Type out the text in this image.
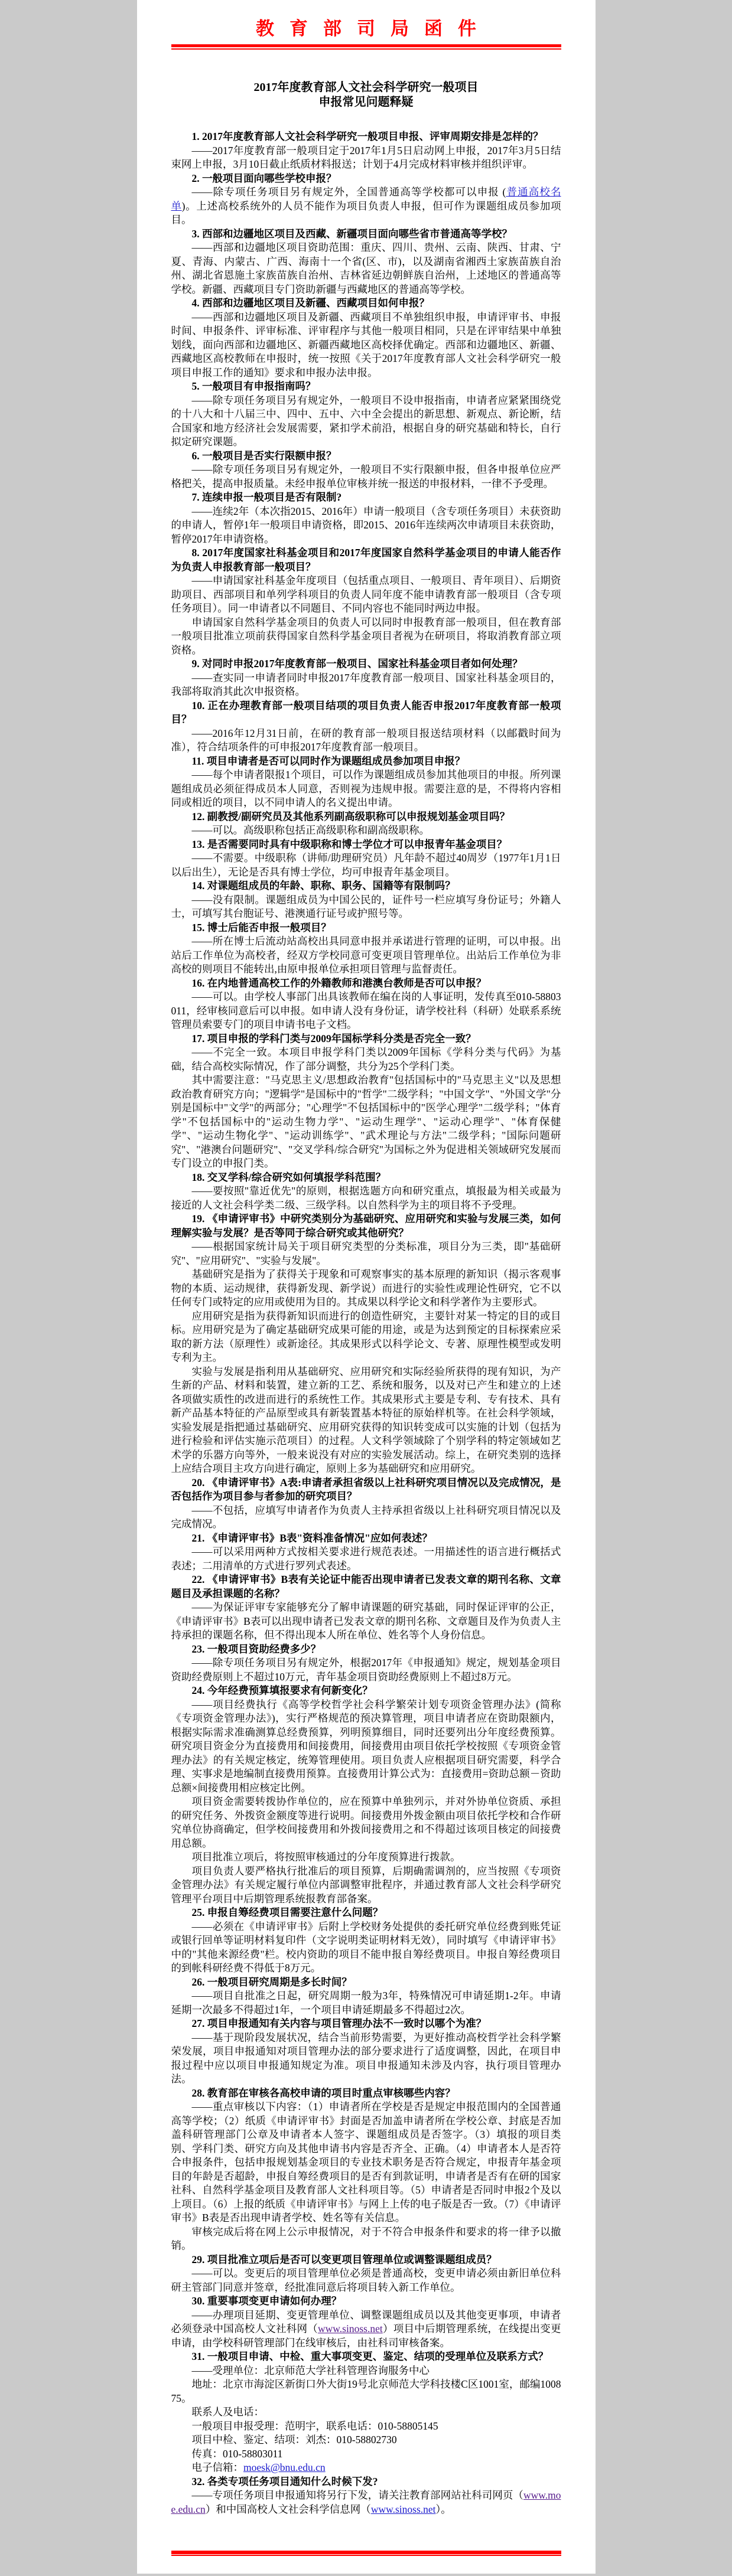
教育部司局函件
2017年度教育部人文社会科学研究一般项目
申报常见问题释疑

1. 2017年度教育部人文社会科学研究一般项目申报、评审周期安排是怎样的？

——2017年度教育部一般项目定于2017年1月5日启动网上申报，2017年3月5日结束网上申报，3月10日截止纸质材料报送；计划于4月完成材料审核并组织评审。

2. 一般项目面向哪些学校申报？

——除专项任务项目另有规定外，全国普通高等学校都可以申报 (普通高校名单)。上述高校系统外的人员不能作为项目负责人申报，但可作为课题组成员参加项目。

3. 西部和边疆地区项目及西藏、新疆项目面向哪些省市普通高等学校？

——西部和边疆地区项目资助范围：重庆、四川、贵州、云南、陕西、甘肃、宁夏、青海、内蒙古、广西、海南十一个省(区、市)，以及湖南省湘西土家族苗族自治州、湖北省恩施土家族苗族自治州、吉林省延边朝鲜族自治州，上述地区的普通高等学校。新疆、西藏项目专门资助新疆与西藏地区的普通高等学校。

4. 西部和边疆地区项目及新疆、西藏项目如何申报？

——西部和边疆地区项目及新疆、西藏项目不单独组织申报，申请评审书、申报时间、申报条件、评审标准、评审程序与其他一般项目相同，只是在评审结果中单独划线，面向西部和边疆地区、新疆西藏地区高校择优确定。西部和边疆地区、新疆、西藏地区高校教师在申报时，统一按照《关于2017年度教育部人文社会科学研究一般项目申报工作的通知》要求和申报办法申报。

5. 一般项目有申报指南吗？

——除专项任务项目另有规定外，一般项目不设申报指南，申请者应紧紧围绕党的十八大和十八届三中、四中、五中、六中全会提出的新思想、新观点、新论断，结合国家和地方经济社会发展需要，紧扣学术前沿，根据自身的研究基础和特长，自行拟定研究课题。

6. 一般项目是否实行限额申报？

——除专项任务项目另有规定外，一般项目不实行限额申报，但各申报单位应严格把关，提高申报质量。未经申报单位审核并统一报送的申报材料，一律不予受理。

7. 连续申报一般项目是否有限制?

——连续2年（本次指2015、2016年）申请一般项目（含专项任务项目）未获资助的申请人，暂停1年一般项目申请资格，即2015、2016年连续两次申请项目未获资助，暂停2017年申请资格。

8. 2017年度国家社科基金项目和2017年度国家自然科学基金项目的申请人能否作为负责人申报教育部一般项目？

——申请国家社科基金年度项目（包括重点项目、一般项目、青年项目）、后期资助项目、西部项目和单列学科项目的负责人同年度不能申请教育部一般项目（含专项任务项目）。同一申请者以不同题目、不同内容也不能同时两边申报。

申请国家自然科学基金项目的负责人可以同时申报教育部一般项目，但在教育部一般项目批准立项前获得国家自然科学基金项目者视为在研项目，将取消教育部立项资格。

9. 对同时申报2017年度教育部一般项目、国家社科基金项目者如何处理？

——查实同一申请者同时申报2017年度教育部一般项目、国家社科基金项目的，我部将取消其此次申报资格。

10. 正在办理教育部一般项目结项的项目负责人能否申报2017年度教育部一般项目？

——2016年12月31日前，在研的教育部一般项目报送结项材料（以邮戳时间为准），符合结项条件的可申报2017年度教育部一般项目。

11. 项目申请者是否可以同时作为课题组成员参加项目申报？

——每个申请者限报1个项目，可以作为课题组成员参加其他项目的申报。所列课题组成员必须征得成员本人同意，否则视为违规申报。需要注意的是，不得将内容相同或相近的项目，以不同申请人的名义提出申请。

12. 副教授/副研究员及其他系列副高级职称可以申报规划基金项目吗？

——可以。高级职称包括正高级职称和副高级职称。

13. 是否需要同时具有中级职称和博士学位才可以申报青年基金项目？

——不需要。中级职称（讲师/助理研究员）凡年龄不超过40周岁（1977年1月1日以后出生），无论是否具有博士学位，均可申报青年基金项目。

14. 对课题组成员的年龄、职称、职务、国籍等有限制吗？

——没有限制。课题组成员为中国公民的，证件号一栏应填写身份证号；外籍人士，可填写其台胞证号、港澳通行证号或护照号等。

15. 博士后能否申报一般项目？

——所在博士后流动站高校出具同意申报并承诺进行管理的证明，可以申报。出站后工作单位为高校者，经双方学校同意可变更项目管理单位。出站后工作单位为非高校的则项目不能转出,由原申报单位承担项目管理与监督责任。

16. 在内地普通高校工作的外籍教师和港澳台教师是否可以申报？

——可以。由学校人事部门出具该教师在编在岗的人事证明，发传真至010-58803011，经审核同意后可以申报。如申请人没有身份证，请学校社科（科研）处联系系统管理员索要专门的项目申请书电子文档。

17. 项目申报的学科门类与2009年国标学科分类是否完全一致？

——不完全一致。本项目申报学科门类以2009年国标《学科分类与代码》为基础，结合高校实际情况，作了部分调整，共分为25个学科门类。

其中需要注意："马克思主义/思想政治教育"包括国标中的"马克思主义"以及思想政治教育研究方向；"逻辑学"是国标中的"哲学"二级学科；"中国文学"、"外国文学"分别是国标中"文学"的两部分；"心理学"不包括国标中的"医学心理学"二级学科；"体育学"不包括国标中的"运动生物力学"、"运动生理学"、"运动心理学"、"体育保健学"、"运动生物化学"、"运动训练学"、"武术理论与方法"二级学科；"国际问题研究"、"港澳台问题研究"、"交叉学科/综合研究"为国标之外为促进相关领域研究发展而专门设立的申报门类。

18. 交叉学科/综合研究如何填报学科范围？

——要按照"靠近优先"的原则，根据选题方向和研究重点，填报最为相关或最为接近的人文社会科学类二级、三级学科。以自然科学为主的项目将不予受理。

19. 《申请评审书》中研究类别分为基础研究、应用研究和实验与发展三类，如何理解实验与发展？是否等同于综合研究或其他研究？

——根据国家统计局关于项目研究类型的分类标准，项目分为三类，即"基础研究"、"应用研究"、"实验与发展"。

基础研究是指为了获得关于现象和可观察事实的基本原理的新知识（揭示客观事物的本质、运动规律，获得新发现、新学说）而进行的实验性或理论性研究，它不以任何专门或特定的应用或使用为目的。其成果以科学论文和科学著作为主要形式。

应用研究是指为获得新知识而进行的创造性研究，主要针对某一特定的目的或目标。应用研究是为了确定基础研究成果可能的用途，或是为达到预定的目标探索应采取的新方法（原理性）或新途径。其成果形式以科学论文、专著、原理性模型或发明专利为主。

实验与发展是指利用从基础研究、应用研究和实际经验所获得的现有知识，为产生新的产品、材料和装置，建立新的工艺、系统和服务，以及对已产生和建立的上述各项做实质性的改进而进行的系统性工作。其成果形式主要是专利、专有技术、具有新产品基本特征的产品原型或具有新装置基本特征的原始样机等。在社会科学领域，实验发展是指把通过基础研究、应用研究获得的知识转变成可以实施的计划（包括为进行检验和评估实施示范项目）的过程。人文科学领域除了个别学科的特定领域如艺术学的乐器方向等外，一般来说没有对应的实验发展活动。综上，在研究类别的选择上应结合项目主攻方向进行确定，原则上多为基础研究和应用研究。

20. 《申请评审书》A表:申请者承担省级以上社科研究项目情况以及完成情况，是否包括作为项目参与者参加的研究项目？

——不包括，应填写申请者作为负责人主持承担省级以上社科研究项目情况以及完成情况。

21. 《申请评审书》B表"资料准备情况"应如何表述？

——可以采用两种方式按相关要求进行规范表述。一用描述性的语言进行概括式表述；二用清单的方式进行罗列式表述。

22. 《申请评审书》B表有关论证中能否出现申请者已发表文章的期刊名称、文章题目及承担课题的名称？

——为保证评审专家能够充分了解申请课题的研究基础，同时保证评审的公正，《申请评审书》B表可以出现申请者已发表文章的期刊名称、文章题目及作为负责人主持承担的课题名称，但不得出现本人所在单位、姓名等个人身份信息。

23. 一般项目资助经费多少？

——除专项任务项目另有规定外，根据2017年《申报通知》规定，规划基金项目资助经费原则上不超过10万元，青年基金项目资助经费原则上不超过8万元。

24. 今年经费预算填报要求有何新变化？

——项目经费执行《高等学校哲学社会科学繁荣计划专项资金管理办法》(简称《专项资金管理办法》)，实行严格规范的预决算管理，项目申请者应在资助限额内，根据实际需求准确测算总经费预算，列明预算细目，同时还要列出分年度经费预算。研究项目资金分为直接费用和间接费用，间接费用由项目依托学校按照《专项资金管理办法》的有关规定核定，统筹管理使用。项目负责人应根据项目研究需要，科学合理、实事求是地编制直接费用预算。直接费用计算公式为：直接费用=资助总额－资助总额×间接费用相应核定比例。

项目资金需要转拨协作单位的，应在预算中单独列示，并对外协单位资质、承担的研究任务、外拨资金额度等进行说明。间接费用外拨金额由项目依托学校和合作研究单位协商确定，但学校间接费用和外拨间接费用之和不得超过该项目核定的间接费用总额。

项目批准立项后，将按照审核通过的分年度预算进行拨款。

项目负责人要严格执行批准后的项目预算，后期确需调剂的，应当按照《专项资金管理办法》有关规定履行单位内部调整审批程序，并通过教育部人文社会科学研究管理平台项目中后期管理系统报教育部备案。

25. 申报自筹经费项目需要注意什么问题？

——必须在《申请评审书》后附上学校财务处提供的委托研究单位经费到账凭证或银行回单等证明材料复印件（文字说明类证明材料无效），同时填写《申请评审书》中的"其他来源经费"栏。校内资助的项目不能申报自筹经费项目。申报自筹经费项目的到帐科研经费不得低于8万元。

26. 一般项目研究周期是多长时间？

——项目自批准之日起，研究周期一般为3年，特殊情况可申请延期1-2年。申请延期一次最多不得超过1年，一个项目申请延期最多不得超过2次。

27. 项目申报通知有关内容与项目管理办法不一致时以哪个为准？

——基于现阶段发展状况，结合当前形势需要，为更好推动高校哲学社会科学繁荣发展，项目申报通知对项目管理办法的部分要求进行了适度调整，因此，在项目申报过程中应以项目申报通知规定为准。项目申报通知未涉及内容，执行项目管理办法。

28. 教育部在审核各高校申请的项目时重点审核哪些内容？

——重点审核以下内容：（1）申请者所在学校是否是规定申报范围内的全国普通高等学校；（2）纸质《申请评审书》封面是否加盖申请者所在学校公章、封底是否加盖科研管理部门公章及申请者本人签字、课题组成员是否签字。（3）填报的项目类别、学科门类、研究方向及其他申请书内容是否齐全、正确。（4）申请者本人是否符合申报条件，包括申报规划基金项目的专业技术职务是否符合规定，申报青年基金项目的年龄是否超龄，申报自筹经费项目的是否有到款证明，申请者是否有在研的国家社科、自然科学基金项目及教育部人文社科项目等。（5）申请者是否同时申报2个及以上项目。（6）上报的纸质《申请评审书》与网上上传的电子版是否一致。（7）《申请评审书》B表是否出现申请者学校、姓名等有关信息。

审核完成后将在网上公示申报情况，对于不符合申报条件和要求的将一律予以撤销。

29. 项目批准立项后是否可以变更项目管理单位或调整课题组成员？

——可以。变更后的项目管理单位必须是普通高校，变更申请必须由新旧单位科研主管部门同意并签章，经批准同意后将项目转入新工作单位。

30. 重要事项变更申请如何办理？

——办理项目延期、变更管理单位、调整课题组成员以及其他变更事项，申请者必须登录中国高校人文社科网（www.sinoss.net）项目中后期管理系统，在线提出变更申请，由学校科研管理部门在线审核后，由社科司审核备案。

31. 一般项目申请、中检、重大事项变更、鉴定、结项的受理单位及联系方式？

——受理单位：北京师范大学社科管理咨询服务中心

地址：北京市海淀区新街口外大街19号北京师范大学科技楼C区1001室，邮编100875。

联系人及电话：

一般项目申报受理：范明宇，联系电话：010-58805145

项目中检、鉴定、结项：刘杰：010-58802730

传真：010-58803011

电子信箱：moesk@bnu.edu.cn

32. 各类专项任务项目通知什么时候下发?

——专项任务项目申报通知将另行下发，请关注教育部网站社科司网页（www.moe.edu.cn）和中国高校人文社会科学信息网（www.sinoss.net）。
